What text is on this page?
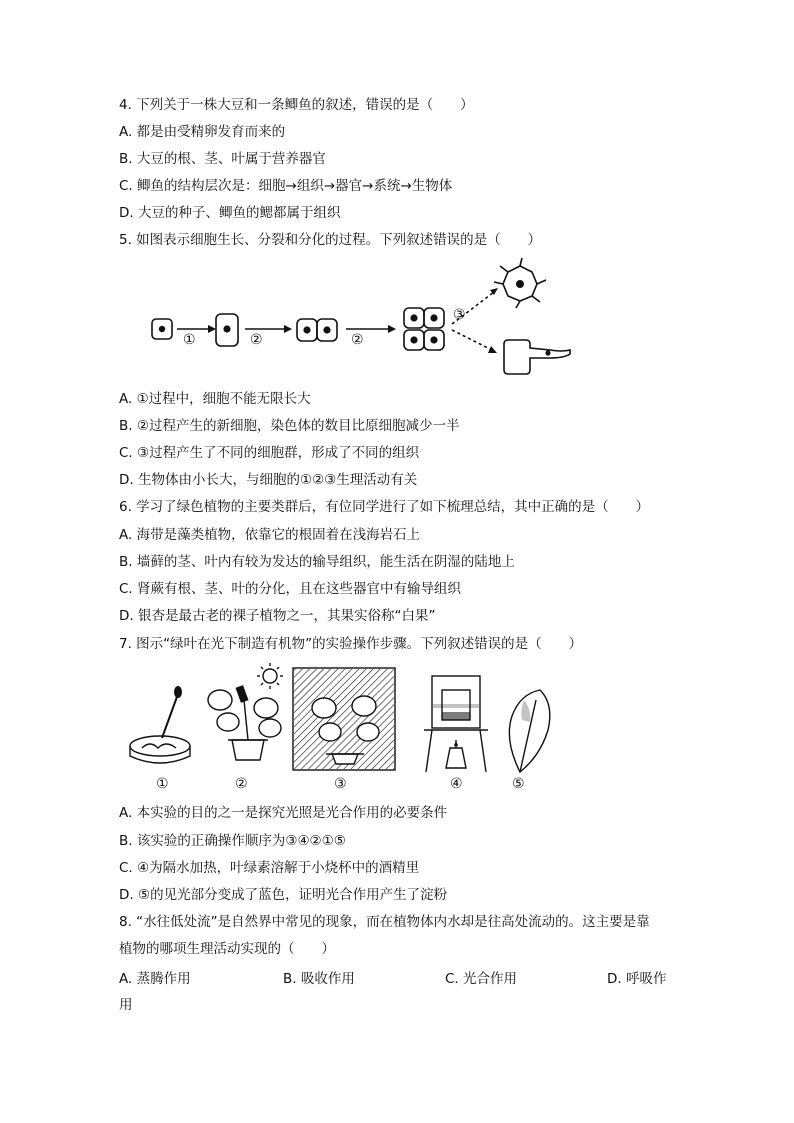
4. 下列关于一株大豆和一条鲫鱼的叙述，错误的是（　　）
A. 都是由受精卵发育而来的
B. 大豆的根、茎、叶属于营养器官
C. 鲫鱼的结构层次是：细胞→组织→器官→系统→生物体
D. 大豆的种子、鲫鱼的鳃都属于组织
5. 如图表示细胞生长、分裂和分化的过程。下列叙述错误的是（　　）
①	②	②
③
A. ①过程中，细胞不能无限长大
B. ②过程产生的新细胞，染色体的数目比原细胞减少一半
C. ③过程产生了不同的细胞群，形成了不同的组织
D. 生物体由小长大，与细胞的①②③生理活动有关
6. 学习了绿色植物的主要类群后，有位同学进行了如下梳理总结，其中正确的是（　　）
A. 海带是藻类植物，依靠它的根固着在浅海岩石上
B. 墙藓的茎、叶内有较为发达的输导组织，能生活在阴湿的陆地上
C. 肾蕨有根、茎、叶的分化，且在这些器官中有输导组织
D. 银杏是最古老的裸子植物之一，其果实俗称“白果”
7. 图示“绿叶在光下制造有机物”的实验操作步骤。下列叙述错误的是（　　）
①	②	③	④	⑤
A. 本实验的目的之一是探究光照是光合作用的必要条件
B. 该实验的正确操作顺序为③④②①⑤
C. ④为隔水加热，叶绿素溶解于小烧杯中的酒精里
D. ⑤的见光部分变成了蓝色，证明光合作用产生了淀粉
8. “水往低处流”是自然界中常见的现象，而在植物体内水却是往高处流动的。这主要是靠
植物的哪项生理活动实现的（　　）
A. 蒸腾作用	B. 吸收作用	C. 光合作用	D. 呼吸作
用
